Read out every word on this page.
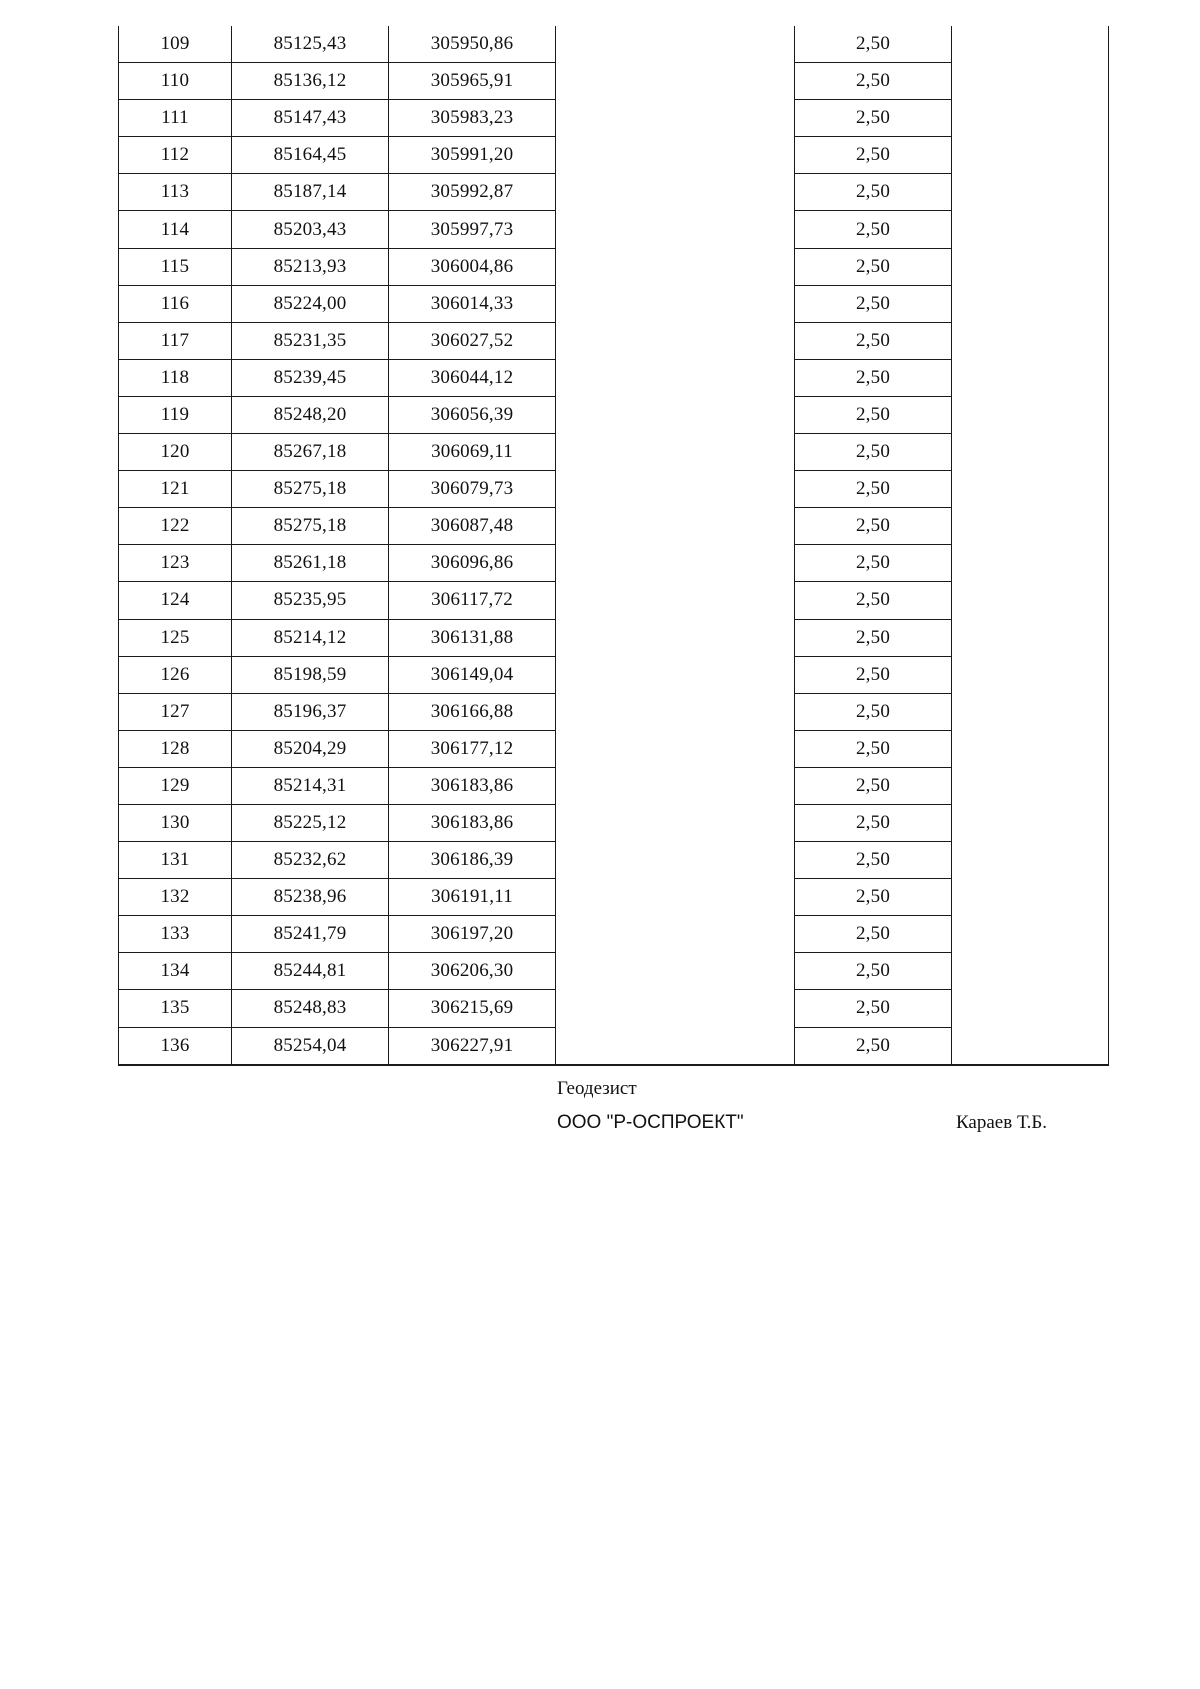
109	85125,43	305950,86		2,50	
110	85136,12	305965,91		2,50	
111	85147,43	305983,23		2,50	
112	85164,45	305991,20		2,50	
113	85187,14	305992,87		2,50	
114	85203,43	305997,73		2,50	
115	85213,93	306004,86		2,50	
116	85224,00	306014,33		2,50	
117	85231,35	306027,52		2,50	
118	85239,45	306044,12		2,50	
119	85248,20	306056,39		2,50	
120	85267,18	306069,11		2,50	
121	85275,18	306079,73		2,50	
122	85275,18	306087,48		2,50	
123	85261,18	306096,86		2,50	
124	85235,95	306117,72		2,50	
125	85214,12	306131,88		2,50	
126	85198,59	306149,04		2,50	
127	85196,37	306166,88		2,50	
128	85204,29	306177,12		2,50	
129	85214,31	306183,86		2,50	
130	85225,12	306183,86		2,50	
131	85232,62	306186,39		2,50	
132	85238,96	306191,11		2,50	
133	85241,79	306197,20		2,50	
134	85244,81	306206,30		2,50	
135	85248,83	306215,69		2,50	
136	85254,04	306227,91		2,50	
Геодезист
ООО "Р-ОСПРОЕКТ"	Караев Т.Б.
